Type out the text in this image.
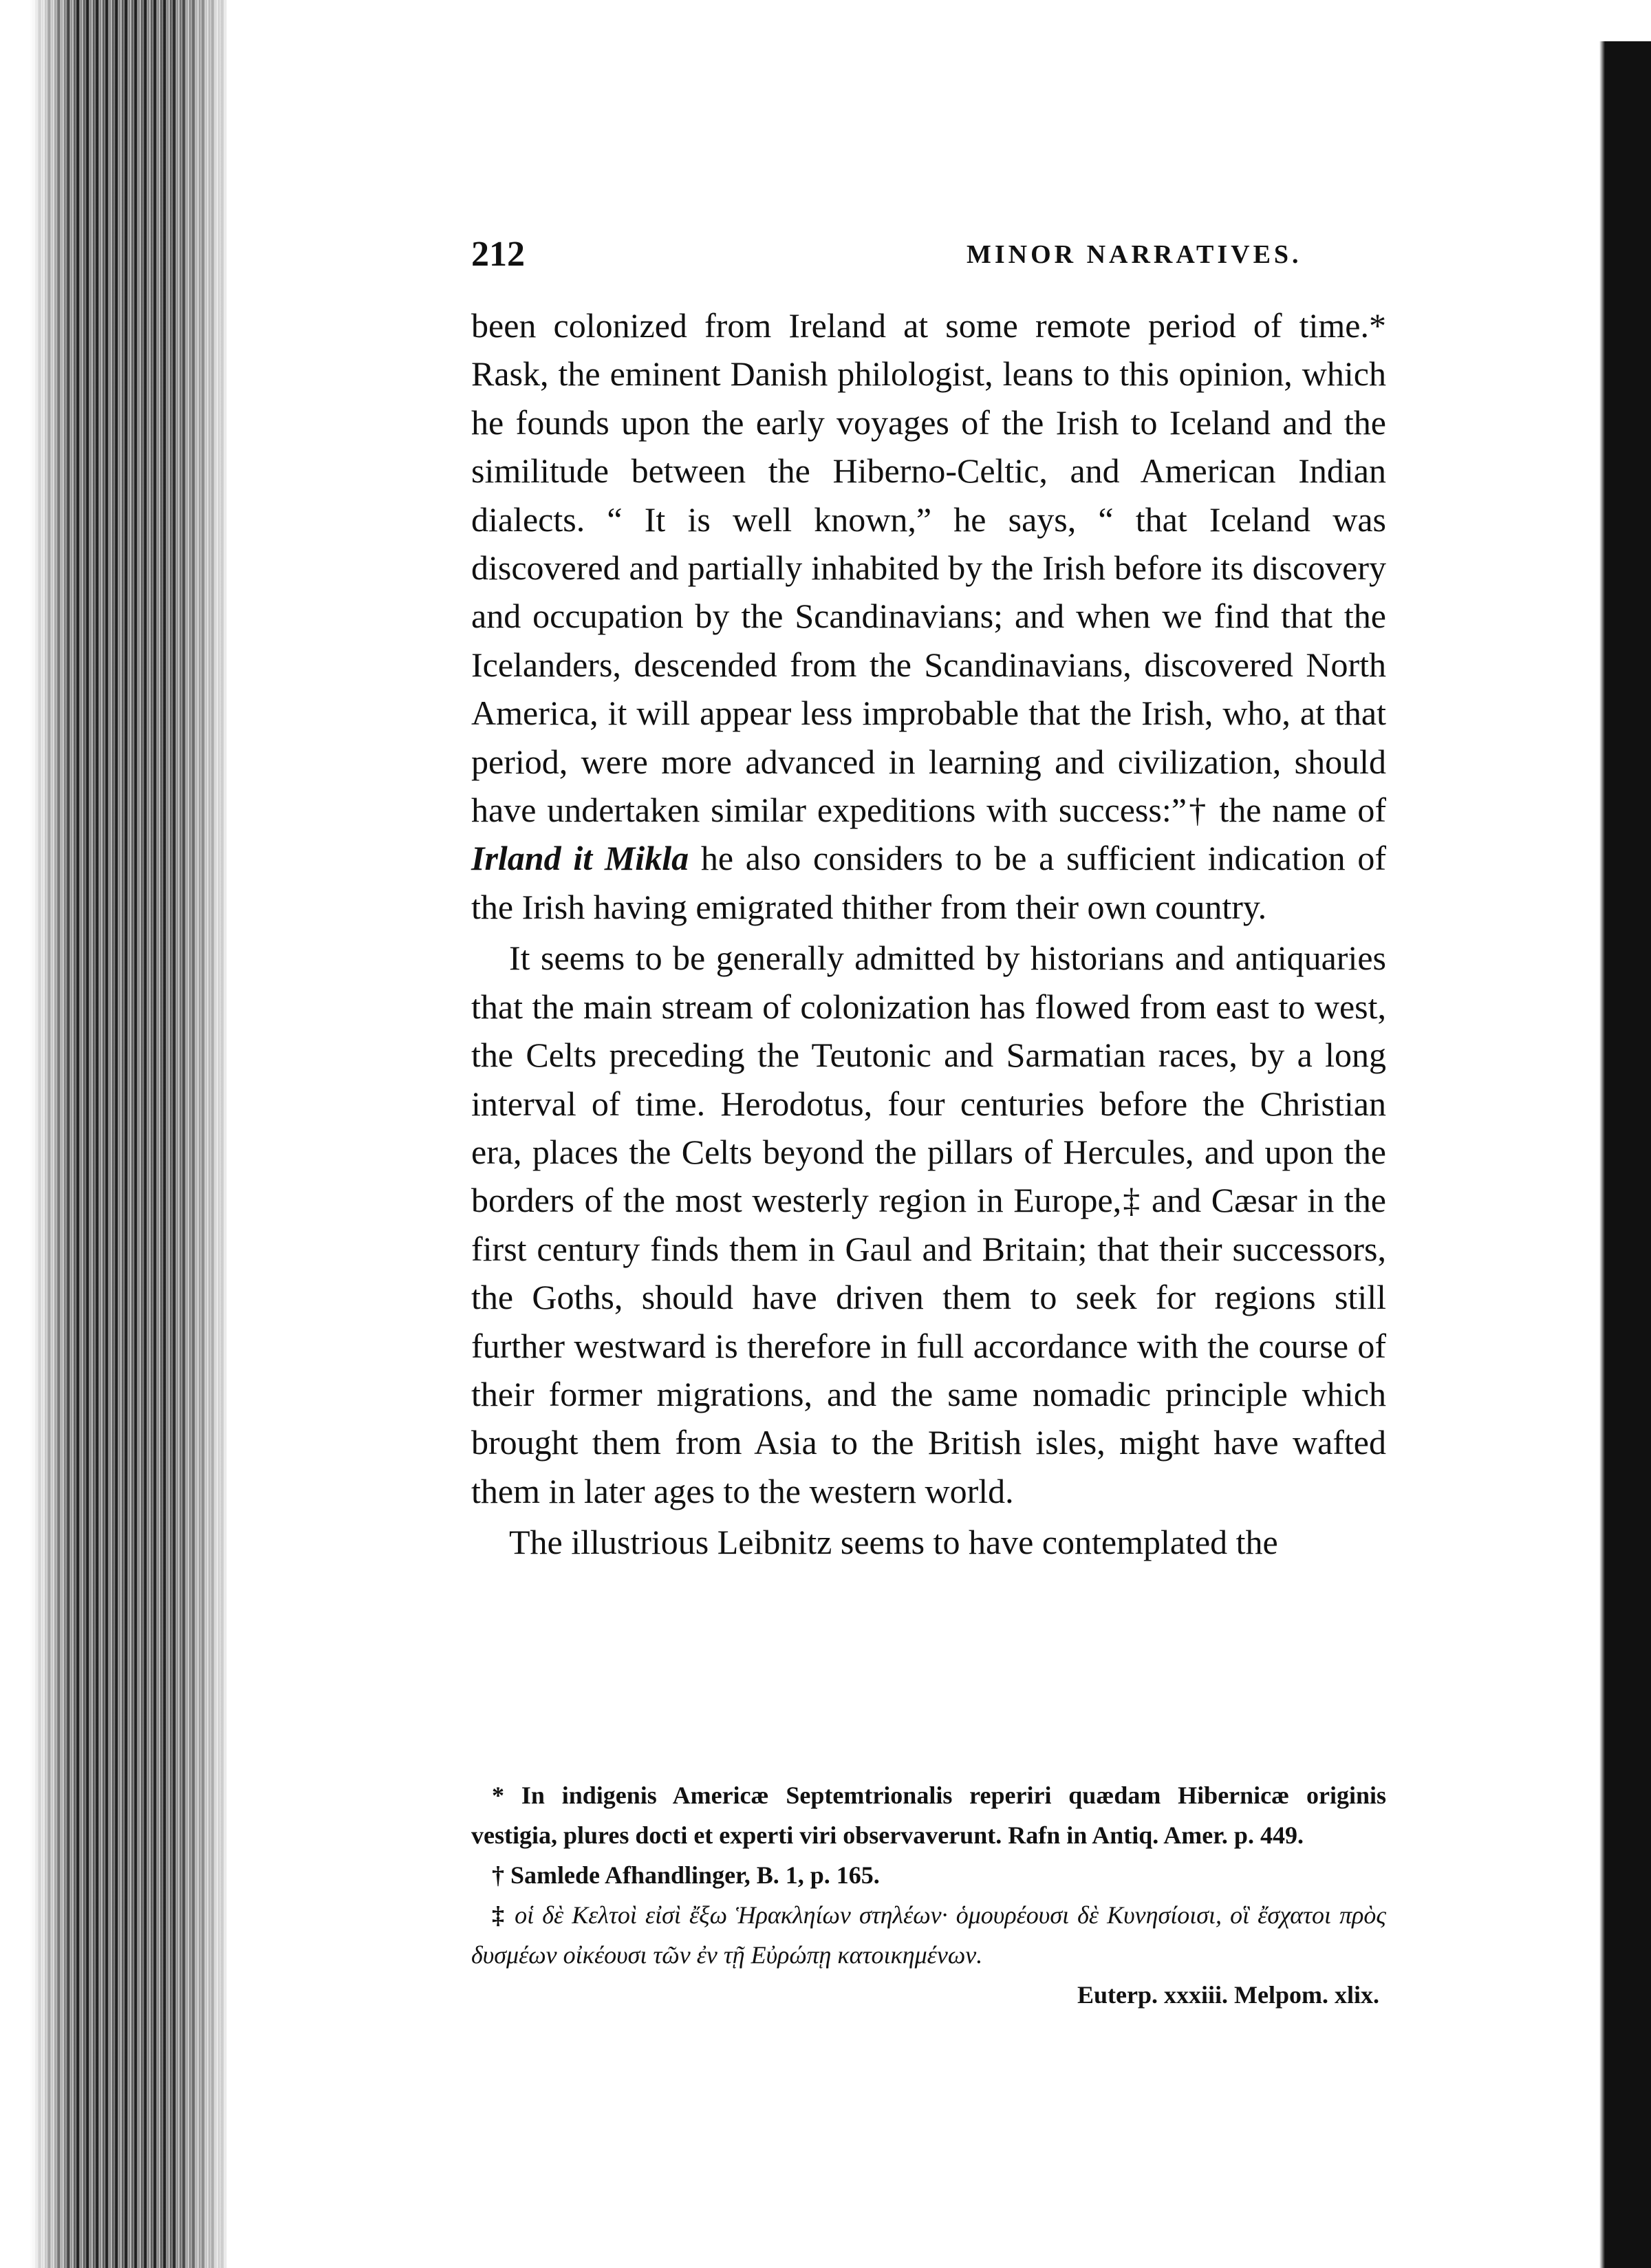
212	MINOR NARRATIVES.

been colonized from Ireland at some remote period of time.* Rask, the eminent Danish philologist, leans to this opinion, which he founds upon the early voyages of the Irish to Iceland and the similitude between the Hiberno-Celtic, and American Indian dialects. “ It is well known,” he says, “ that Iceland was discovered and partially inhabited by the Irish before its discovery and occupation by the Scandinavians; and when we find that the Icelanders, descended from the Scandinavians, discovered North America, it will appear less improbable that the Irish, who, at that period, were more advanced in learning and civilization, should have undertaken similar expeditions with success:”† the name of Irland it Mikla he also considers to be a sufficient indication of the Irish having emigrated thither from their own country.

It seems to be generally admitted by historians and antiquaries that the main stream of colonization has flowed from east to west, the Celts preceding the Teutonic and Sarmatian races, by a long interval of time. Herodotus, four centuries before the Christian era, places the Celts beyond the pillars of Hercules, and upon the borders of the most westerly region in Europe,‡ and Cæsar in the first century finds them in Gaul and Britain; that their successors, the Goths, should have driven them to seek for regions still further westward is therefore in full accordance with the course of their former migrations, and the same nomadic principle which brought them from Asia to the British isles, might have wafted them in later ages to the western world.

The illustrious Leibnitz seems to have contemplated the

* In indigenis Americæ Septemtrionalis reperiri quædam Hibernicæ originis vestigia, plures docti et experti viri observaverunt. Rafn in Antiq. Amer. p. 449.

† Samlede Afhandlinger, B. 1, p. 165.

‡ οἱ δὲ Κελτοὶ εἰσὶ ἔξω Ἡρακληίων στηλέων· ὁμουρέουσι δὲ Κυνησίοισι, οἳ ἔσχατοι πρὸς δυσμέων οἰκέουσι τῶν ἐν τῇ Εὐρώπῃ κατοικημένων.

Euterp. xxxiii. Melpom. xlix.
